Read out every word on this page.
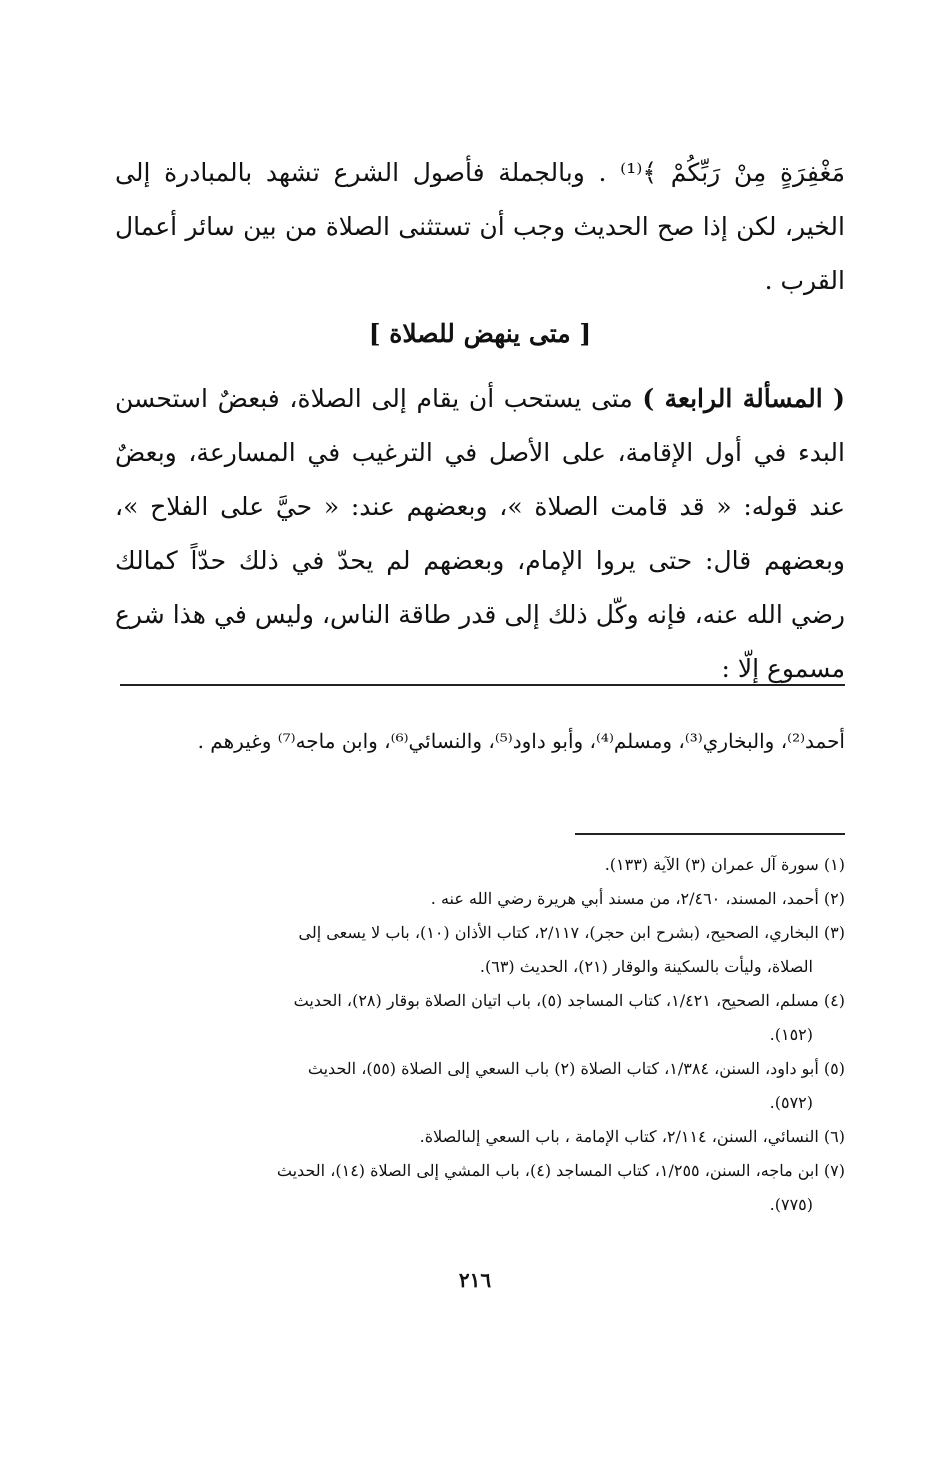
مَغْفِرَةٍ مِنْ رَبِّكُمْ ﴾⁽¹⁾ . وبالجملة فأصول الشرع تشهد بالمبادرة إلى الخير، لكن إذا صح الحديث وجب أن تستثنى الصلاة من بين سائر أعمال القرب .

[ متى ينهض للصلاة ]

( المسألة الرابعة ) متى يستحب أن يقام إلى الصلاة، فبعضٌ استحسن البدء في أول الإقامة، على الأصل في الترغيب في المسارعة، وبعضٌ عند قوله: « قد قامت الصلاة »، وبعضهم عند: « حيَّ على الفلاح »، وبعضهم قال: حتى يروا الإمام، وبعضهم لم يحدّ في ذلك حدّاً كمالك رضي الله عنه، فإنه وكّل ذلك إلى قدر طاقة الناس، وليس في هذا شرع مسموع إلّا :

أحمد⁽²⁾، والبخاري⁽³⁾، ومسلم⁽⁴⁾، وأبو داود⁽⁵⁾، والنسائي⁽⁶⁾، وابن ماجه⁽⁷⁾ وغيرهم .

(١) سورة آل عمران (٣) الآية (١٣٣).
(٢) أحمد، المسند، ٢/٤٦٠، من مسند أبي هريرة رضي الله عنه .
(٣) البخاري، الصحيح، (بشرح ابن حجر)، ٢/١١٧، كتاب الأذان (١٠)، باب لا يسعى إلى
الصلاة، وليأت بالسكينة والوقار (٢١)، الحديث (٦٣).
(٤) مسلم، الصحيح، ١/٤٢١، كتاب المساجد (٥)، باب اتيان الصلاة بوقار (٢٨)، الحديث
(١٥٢).
(٥) أبو داود، السنن، ١/٣٨٤، كتاب الصلاة (٢) باب السعي إلى الصلاة (٥٥)، الحديث
(٥٧٢).
(٦) النسائي، السنن، ٢/١١٤، كتاب الإمامة ، باب السعي إلىالصلاة.
(٧) ابن ماجه، السنن، ١/٢٥٥، كتاب المساجد (٤)، باب المشي إلى الصلاة (١٤)، الحديث
(٧٧٥).
٢١٦
